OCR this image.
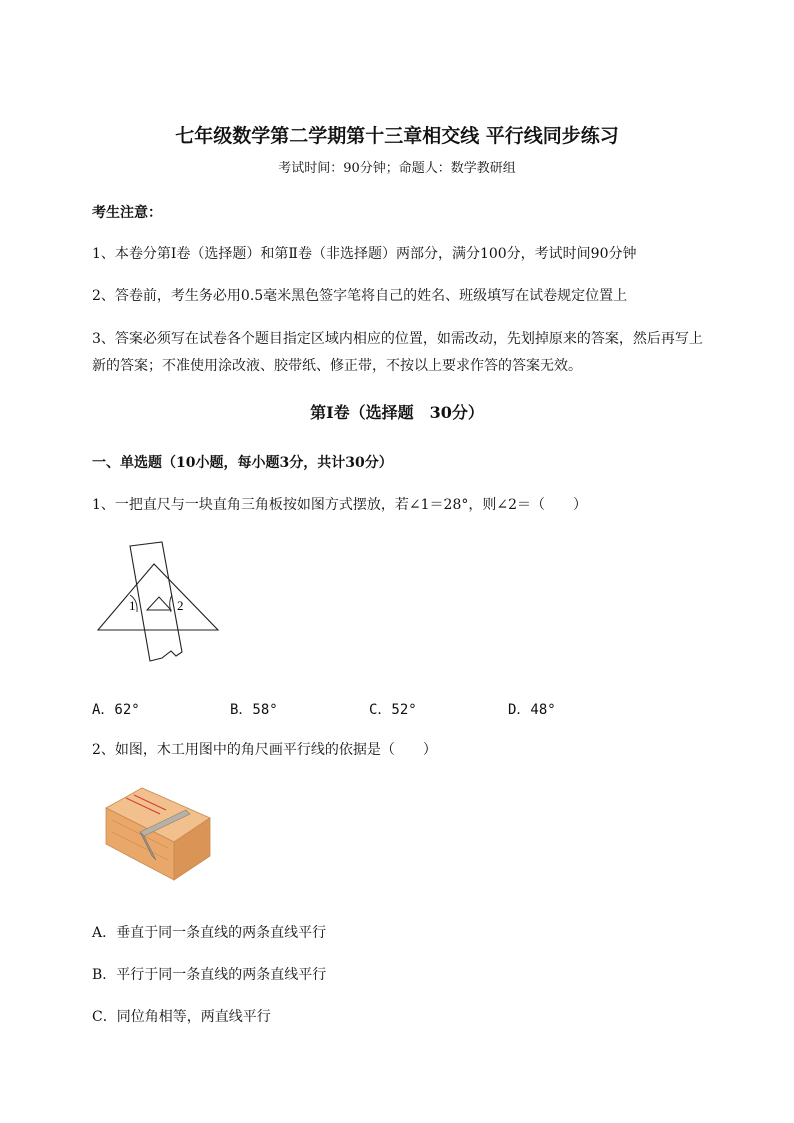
七年级数学第二学期第十三章相交线 平行线同步练习
考试时间：90分钟；命题人：数学教研组
考生注意：
1、本卷分第Ⅰ卷（选择题）和第Ⅱ卷（非选择题）两部分，满分100分，考试时间90分钟
2、答卷前，考生务必用0.5毫米黑色签字笔将自己的姓名、班级填写在试卷规定位置上
3、答案必须写在试卷各个题目指定区域内相应的位置，如需改动，先划掉原来的答案，然后再写上新的答案；不准使用涂改液、胶带纸、修正带，不按以上要求作答的答案无效。
第Ⅰ卷（选择题　30分）
一、单选题（10小题，每小题3分，共计30分）
1、一把直尺与一块直角三角板按如图方式摆放，若∠1＝28°，则∠2＝（　　）
1	2
A．62°	B．58°	C．52°	D．48°
2、如图，木工用图中的角尺画平行线的依据是（　　）
A．垂直于同一条直线的两条直线平行
B．平行于同一条直线的两条直线平行
C．同位角相等，两直线平行
